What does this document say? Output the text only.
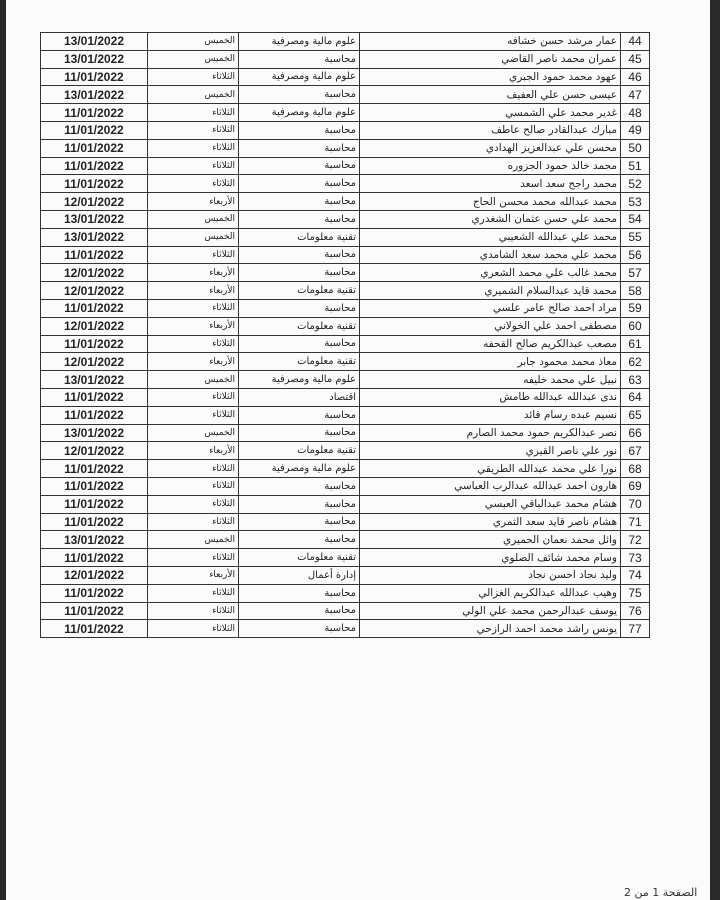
13/01/2022	الخميس	علوم مالية ومصرفية	عمار مرشد حسن خشافه	44
13/01/2022	الخميس	محاسبة	عمران محمد ناصر القاضي	45
11/01/2022	الثلاثاء	علوم مالية ومصرفية	عهود محمد حمود الجبري	46
13/01/2022	الخميس	محاسبة	عيسى حسن علي العفيف	47
11/01/2022	الثلاثاء	علوم مالية ومصرفية	غدير محمد علي الشمسي	48
11/01/2022	الثلاثاء	محاسبة	مبارك عبدالقادر صالح عاطف	49
11/01/2022	الثلاثاء	محاسبة	محسن علي عبدالعزيز الهدادي	50
11/01/2022	الثلاثاء	محاسبة	محمد خالد حمود الجزوره	51
11/01/2022	الثلاثاء	محاسبة	محمد راجح سعد اسعد	52
12/01/2022	الأربعاء	محاسبة	محمد عبدالله محمد محسن الحاج	53
13/01/2022	الخميس	محاسبة	محمد علي حسن عثمان الشغدري	54
13/01/2022	الخميس	تقنية معلومات	محمد علي عبدالله الشعيبي	55
11/01/2022	الثلاثاء	محاسبة	محمد علي محمد سعد الشامدي	56
12/01/2022	الأربعاء	محاسبة	محمد غالب علي محمد الشعري	57
12/01/2022	الأربعاء	تقنية معلومات	محمد قايد عبدالسلام الشميري	58
11/01/2022	الثلاثاء	محاسبة	مراد احمد صالح عامر علسي	59
12/01/2022	الأربعاء	تقنية معلومات	مصطفى احمد علي الخولاني	60
11/01/2022	الثلاثاء	محاسبة	مصعب عبدالكريم صالح القحفه	61
12/01/2022	الأربعاء	تقنية معلومات	معاذ محمد محمود جابر	62
13/01/2022	الخميس	علوم مالية ومصرفية	نبيل علي محمد خليفه	63
11/01/2022	الثلاثاء	اقتصاد	ندى عبدالله عبدالله طامش	64
11/01/2022	الثلاثاء	محاسبة	نسيم عبده رسام قائد	65
13/01/2022	الخميس	محاسبة	نصر عبدالكريم حمود محمد الصارم	66
12/01/2022	الأربعاء	تقنية معلومات	نور علي ناصر القيري	67
11/01/2022	الثلاثاء	علوم مالية ومصرفية	نورا علي محمد عبدالله الطريقي	68
11/01/2022	الثلاثاء	محاسبة	هارون احمد عبدالله عبدالرب العباسي	69
11/01/2022	الثلاثاء	محاسبة	هشام محمد عبدالباقي العبسي	70
11/01/2022	الثلاثاء	محاسبة	هشام ناصر قايد سعد الثمري	71
13/01/2022	الخميس	محاسبة	وائل محمد نعمان الحميري	72
11/01/2022	الثلاثاء	تقنية معلومات	وسام محمد شائف الصلوي	73
12/01/2022	الأربعاء	إدارة أعمال	وليد نجاد احسن نجاد	74
11/01/2022	الثلاثاء	محاسبة	وهيب عبدالله عبدالكريم الغزالي	75
11/01/2022	الثلاثاء	محاسبة	يوسف عبدالرحمن محمد علي الولي	76
11/01/2022	الثلاثاء	محاسبة	يونس راشد محمد احمد الرازحي	77
الصفحة 1 من 2
